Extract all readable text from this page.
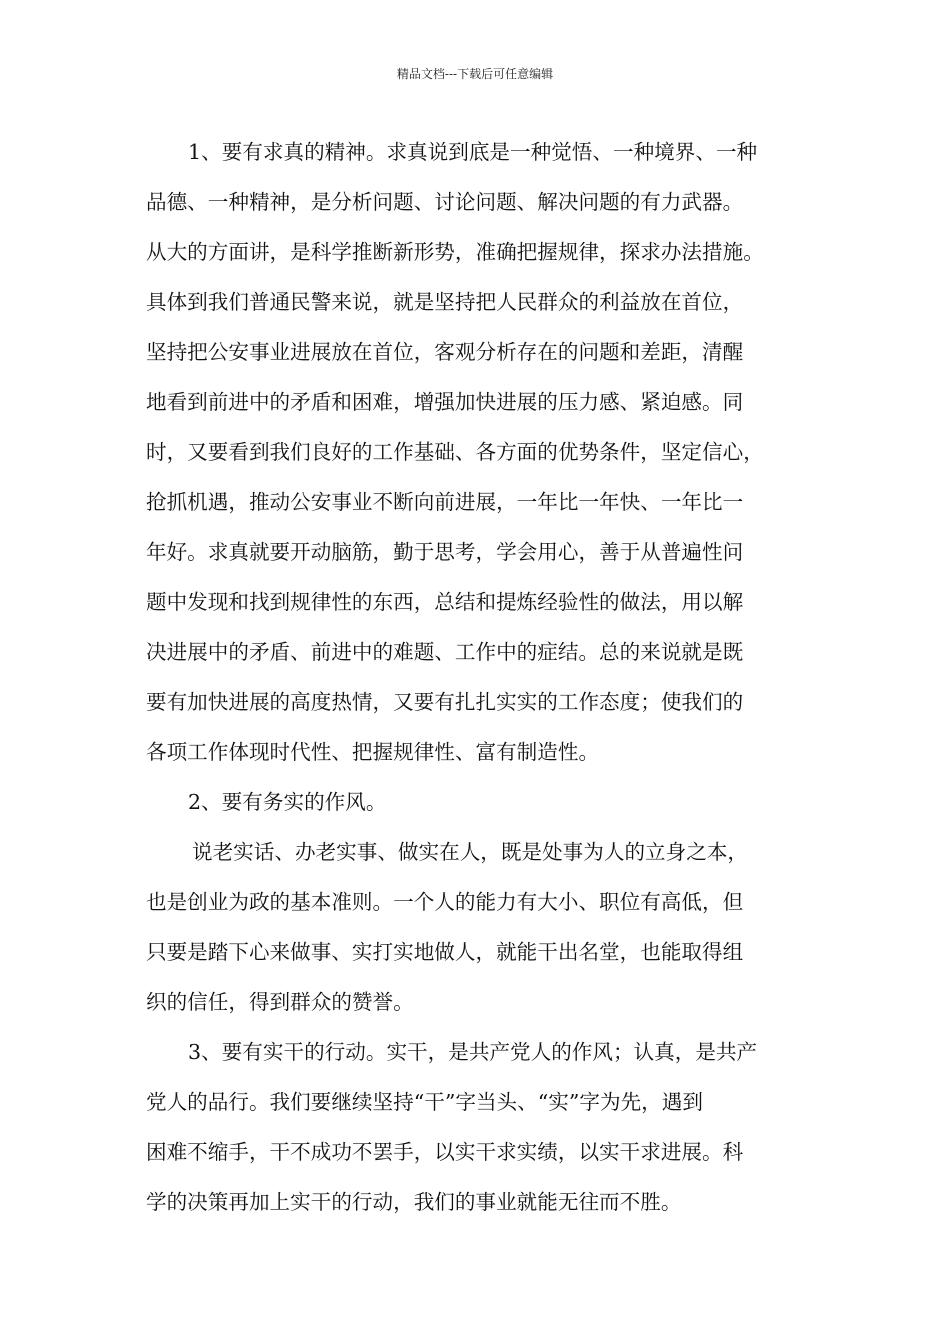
精品文档---下载后可任意编辑
1、要有求真的精神。求真说到底是一种觉悟、一种境界、一种
品德、一种精神，是分析问题、讨论问题、解决问题的有力武器。
从大的方面讲，是科学推断新形势，准确把握规律，探求办法措施。
具体到我们普通民警来说，就是坚持把人民群众的利益放在首位，
坚持把公安事业进展放在首位，客观分析存在的问题和差距，清醒
地看到前进中的矛盾和困难，增强加快进展的压力感、紧迫感。同
时，又要看到我们良好的工作基础、各方面的优势条件，坚定信心，
抢抓机遇，推动公安事业不断向前进展，一年比一年快、一年比一
年好。求真就要开动脑筋，勤于思考，学会用心，善于从普遍性问
题中发现和找到规律性的东西，总结和提炼经验性的做法，用以解
决进展中的矛盾、前进中的难题、工作中的症结。总的来说就是既
要有加快进展的高度热情，又要有扎扎实实的工作态度；使我们的
各项工作体现时代性、把握规律性、富有制造性。
2、要有务实的作风。
说老实话、办老实事、做实在人，既是处事为人的立身之本，
也是创业为政的基本准则。一个人的能力有大小、职位有高低，但
只要是踏下心来做事、实打实地做人，就能干出名堂，也能取得组
织的信任，得到群众的赞誉。
3、要有实干的行动。实干，是共产党人的作风；认真，是共产
党人的品行。我们要继续坚持“干”字当头、“实”字为先，遇到
困难不缩手，干不成功不罢手，以实干求实绩，以实干求进展。科
学的决策再加上实干的行动，我们的事业就能无往而不胜。
